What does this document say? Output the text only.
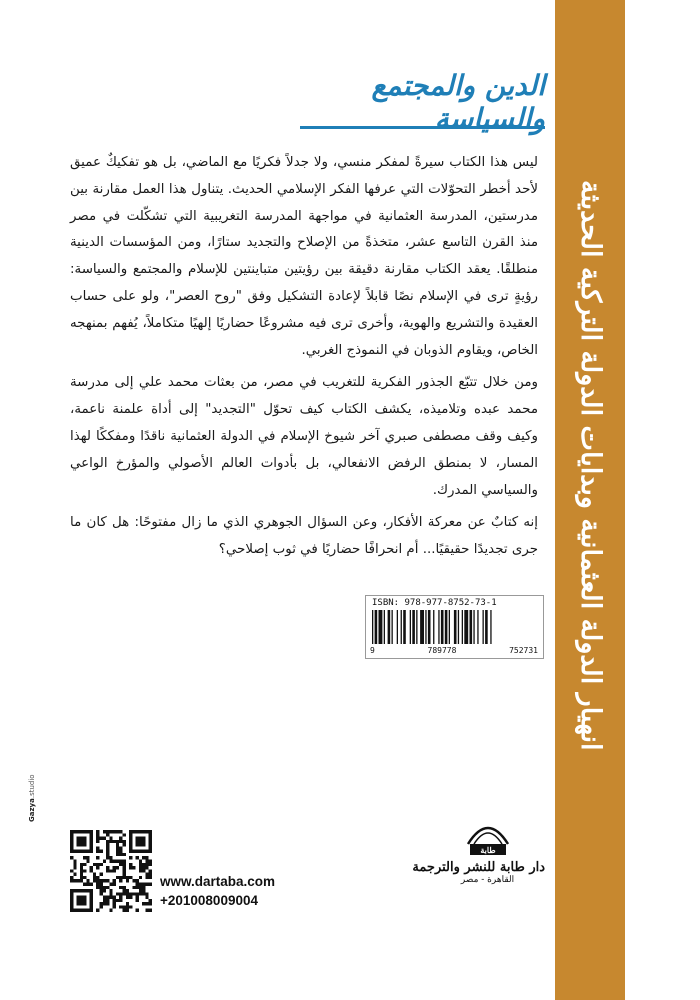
انهيار الدولة العثمانية وبدايات الدولة التركية الحديثة
الدين والمجتمع والسياسة

ليس هذا الكتاب سيرةً لمفكر منسي، ولا جدلاً فكريًا مع الماضي، بل هو تفكيكٌ عميق لأحد أخطر التحوّلات التي عرفها الفكر الإسلامي الحديث. يتناول هذا العمل مقارنة بين مدرستين، المدرسة العثمانية في مواجهة المدرسة التغريبية التي تشكّلت في مصر منذ القرن التاسع عشر، متخذةً من الإصلاح والتجديد ستارًا، ومن المؤسسات الدينية منطلقًا. يعقد الكتاب مقارنة دقيقة بين رؤيتين متباينتين للإسلام والمجتمع والسياسة: رؤيةٍ ترى في الإسلام نصًا قابلاً لإعادة التشكيل وفق "روح العصر"، ولو على حساب العقيدة والتشريع والهوية، وأخرى ترى فيه مشروعًا حضاريًا إلهيًا متكاملاً، يُفهم بمنهجه الخاص، ويقاوم الذوبان في النموذج الغربي.

ومن خلال تتبّع الجذور الفكرية للتغريب في مصر، من بعثات محمد علي إلى مدرسة محمد عبده وتلاميذه، يكشف الكتاب كيف تحوّل "التجديد" إلى أداة علمنة ناعمة، وكيف وقف مصطفى صبري آخر شيوخ الإسلام في الدولة العثمانية ناقدًا ومفككًا لهذا المسار، لا بمنطق الرفض الانفعالي، بل بأدوات العالم الأصولي والمؤرخ الواعي والسياسي المدرك.

إنه كتابٌ عن معركة الأفكار، وعن السؤال الجوهري الذي ما زال مفتوحًا: هل كان ما جرى تجديدًا حقيقيًا... أم انحرافًا حضاريًا في ثوب إصلاحي؟

ISBN: 978-977-8752-73-1
9	789778	752731
Gazya.studio
www.dartaba.com
+201008009004
طابة
دار طابة للنشر والترجمة
القاهرة - مصر
